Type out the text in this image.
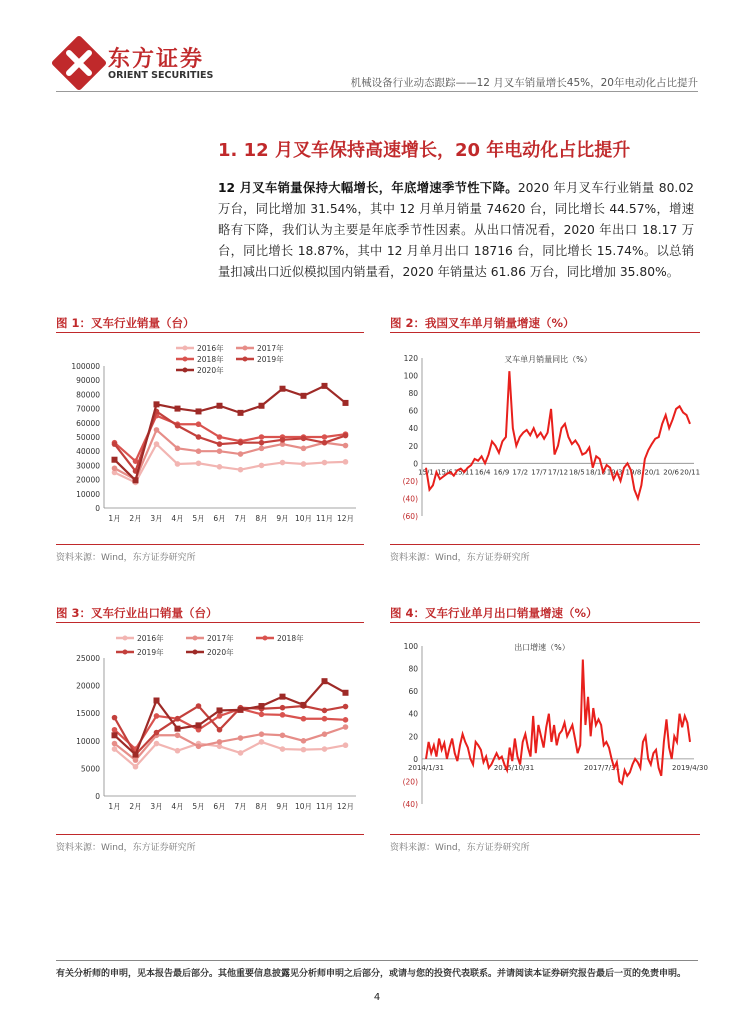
东方证券
ORIENT SECURITIES
机械设备行业动态跟踪——12 月叉车销量增长45%，20年电动化占比提升
1. 12 月叉车保持高速增长，20 年电动化占比提升
12 月叉车销量保持大幅增长，年底增速季节性下降。2020 年月叉车行业销量 80.02 万台，同比增加 31.54%，其中 12 月单月销量 74620 台，同比增长 44.57%，增速略有下降，我们认为主要是年底季节性因素。从出口情况看，2020 年出口 18.17 万台，同比增长 18.87%，其中 12 月单月出口 18716 台，同比增长 15.74%。以总销量扣减出口近似模拟国内销量看，2020 年销量达 61.86 万台，同比增加 35.80%。
图 1：叉车行业销量（台）
0
10000
20000
30000
40000
50000
60000
70000
80000
90000
100000
1月 2月 3月 4月 5月 6月 7月 8月 9月 10月 11月 12月
2016年	2017年
2018年	2019年
2020年
资料来源：Wind，东方证券研究所
图 2：我国叉车单月销量增速（%）
(60)
(40)
(20)
0
20
40
60
80
100
120
15/1 15/6 15/11 16/4 16/9 17/2 17/7 17/12 18/5 18/10 19/3 19/8 20/1 20/6 20/11
叉车单月销量同比（%）
资料来源：Wind，东方证券研究所
图 3：叉车行业出口销量（台）
0
5000
10000
15000
20000
25000
1月 2月 3月 4月 5月 6月 7月 8月 9月 10月 11月 12月
2016年	2017年	2018年
2019年	2020年
资料来源：Wind，东方证券研究所
图 4：叉车行业单月出口销量增速（%）
(40)
(20)
0
20
40
60
80
100
2014/1/31	2015/10/31	2017/7/31	2019/4/30
出口增速（%）
资料来源：Wind，东方证券研究所
有关分析师的申明，见本报告最后部分。其他重要信息披露见分析师申明之后部分，或请与您的投资代表联系。并请阅读本证券研究报告最后一页的免责申明。
4
